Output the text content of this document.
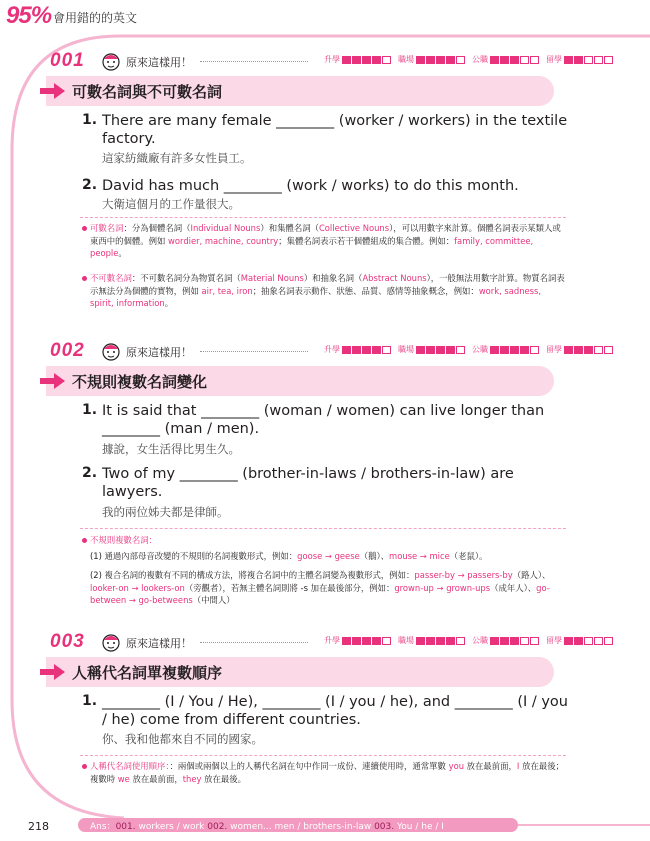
95% 會用錯的的英文
001	原來這樣用！	升學	職場	公職	留學
可數名詞與不可數名詞
1. There are many female ________ (worker / workers) in the textile factory.
這家紡織廠有許多女性員工。
2. David has much ________ (work / works) to do this month.
大衛這個月的工作量很大。
可數名詞：分為個體名詞（Individual Nouns）和集體名詞（Collective Nouns），可以用數字來計算。個體名詞表示某類人或東西中的個體。例如 wordier, machine, country；集體名詞表示若干個體組成的集合體。例如：family, committee, people。
不可數名詞：不可數名詞分為物質名詞（Material Nouns）和抽象名詞（Abstract Nouns），一般無法用數字計算。物質名詞表示無法分為個體的實物，例如 air, tea, iron；抽象名詞表示動作、狀態、品質、感情等抽象概念，例如：work, sadness, spirit, information。
002	原來這樣用！	升學	職場	公職	留學
不規則複數名詞變化
1. It is said that ________ (woman / women) can live longer than ________ (man / men).
據說，女生活得比男生久。
2. Two of my ________ (brother-in-laws / brothers-in-law) are lawyers.
我的兩位姊夫都是律師。
不規則複數名詞：
(1) 通過內部母音改變的不規則的名詞複數形式，例如：goose → geese（鵝）、mouse → mice（老鼠）。
(2) 複合名詞的複數有不同的構成方法，將複合名詞中的主體名詞變為複數形式，例如：passer-by → passers-by（路人）、looker-on → lookers-on（旁觀者），若無主體名詞則將 -s 加在最後部分，例如：grown-up → grown-ups（成年人）、go-between → go-betweens（中間人）
003	原來這樣用！	升學	職場	公職	留學
人稱代名詞單複數順序
1. ________ (I / You / He), ________ (I / you / he), and ________ (I / you / he) come from different countries.
你、我和他都來自不同的國家。
人稱代名詞使用順序：：兩個或兩個以上的人稱代名詞在句中作同一成份、連續使用時，通常單數 you 放在最前面，I 放在最後；複數時 we 放在最前面，they 放在最後。
218	Ans：001. workers / work 002. women... men / brothers-in-law 003. You / he / I
